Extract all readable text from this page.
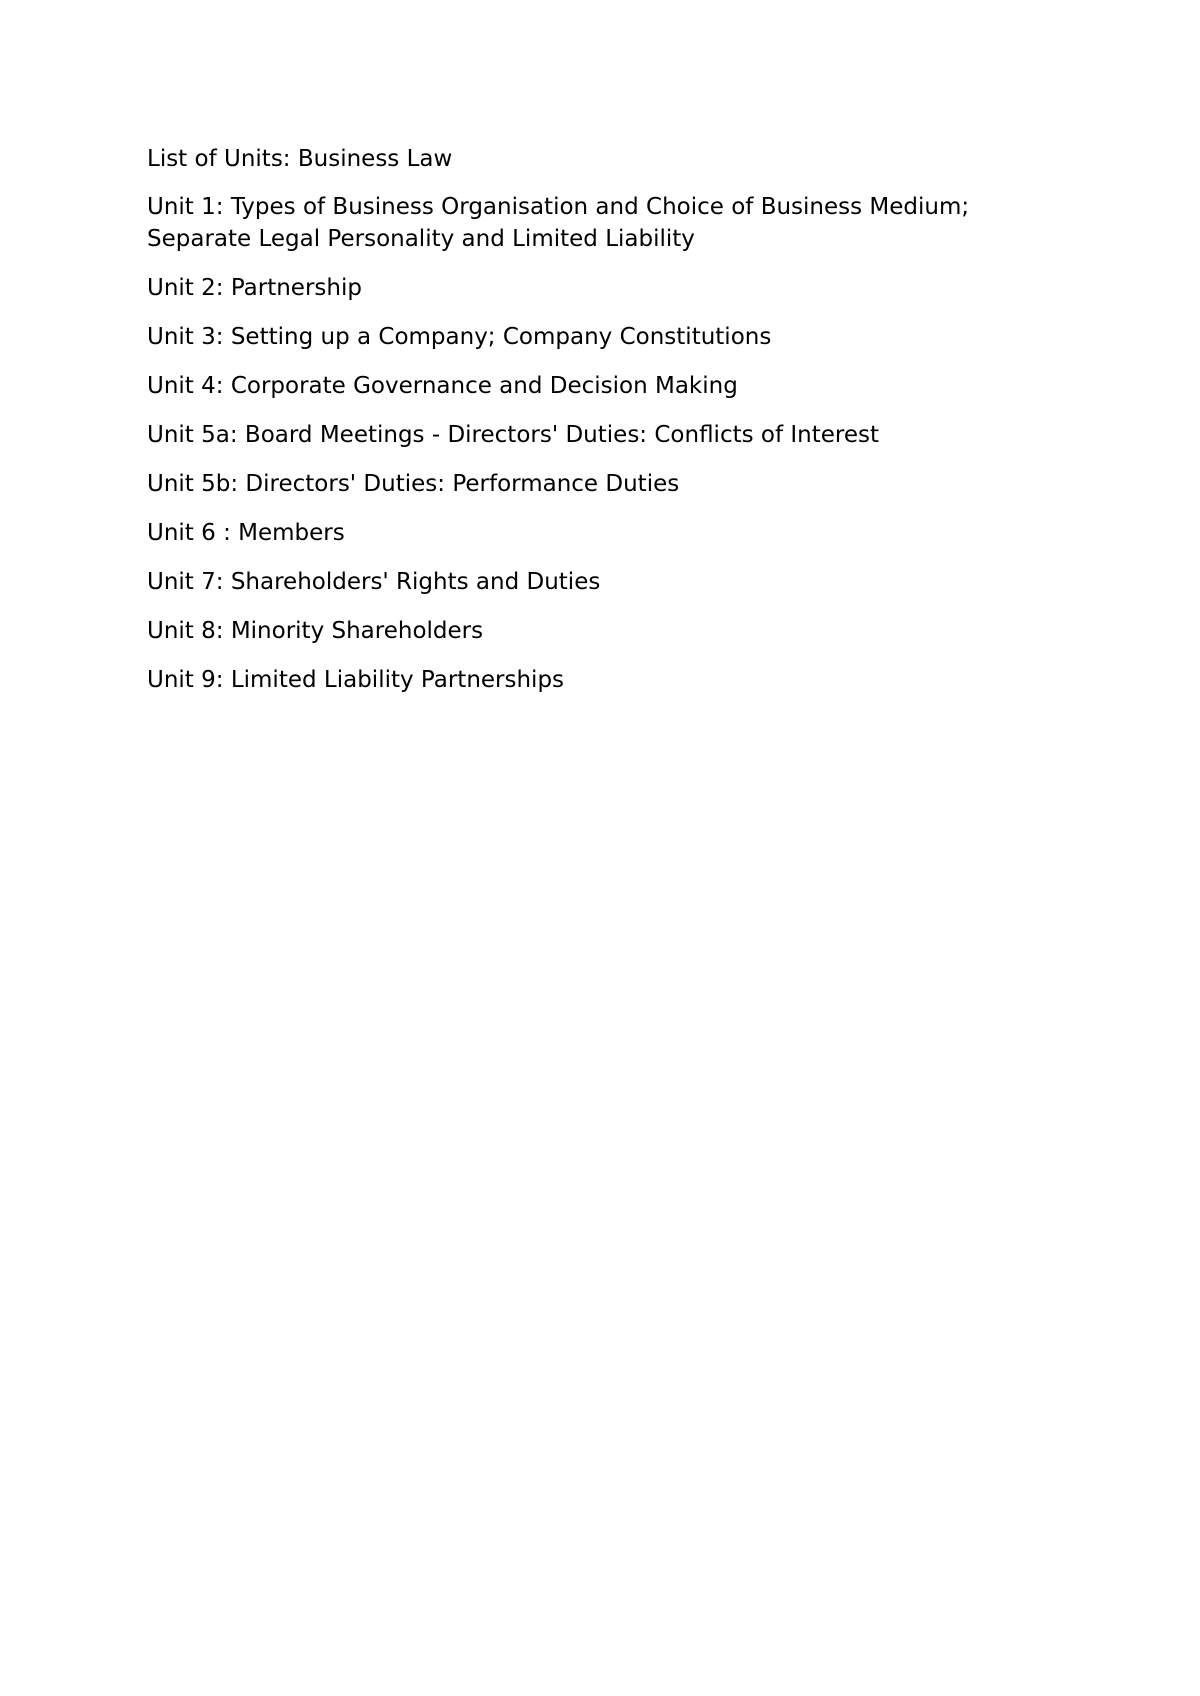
List of Units: Business Law

Unit 1: Types of Business Organisation and Choice of Business Medium; Separate Legal Personality and Limited Liability

Unit 2: Partnership

Unit 3: Setting up a Company; Company Constitutions

Unit 4: Corporate Governance and Decision Making

Unit 5a: Board Meetings - Directors' Duties: Conflicts of Interest

Unit 5b: Directors' Duties: Performance Duties

Unit 6 : Members

Unit 7: Shareholders' Rights and Duties

Unit 8: Minority Shareholders

Unit 9: Limited Liability Partnerships
